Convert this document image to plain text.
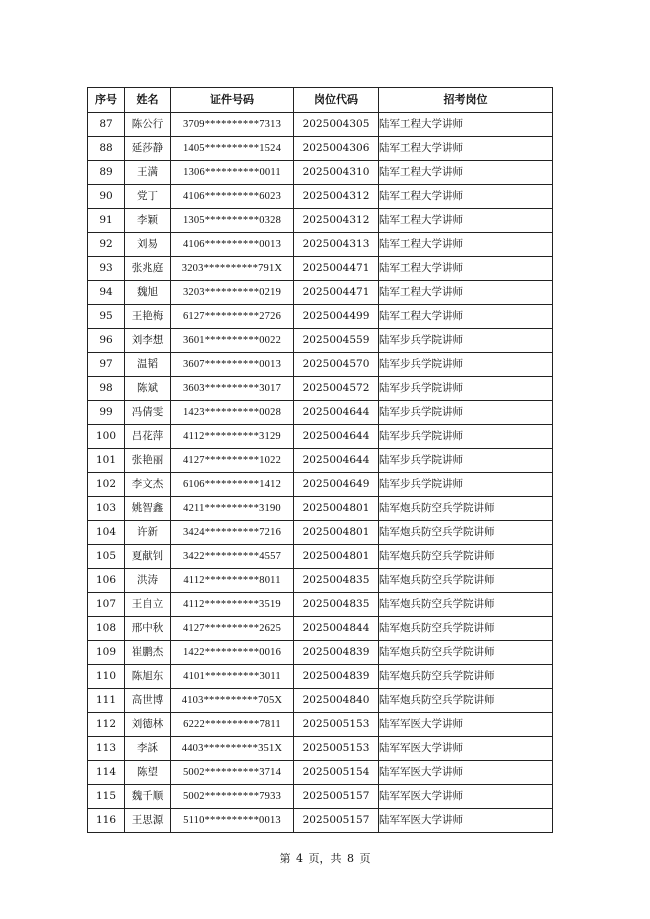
序号	姓名	证件号码	岗位代码	招考岗位
87	陈公行	3709**********7313	2025004305	陆军工程大学讲师
88	延莎静	1405**********1524	2025004306	陆军工程大学讲师
89	王满	1306**********0011	2025004310	陆军工程大学讲师
90	党丁	4106**********6023	2025004312	陆军工程大学讲师
91	李颖	1305**********0328	2025004312	陆军工程大学讲师
92	刘易	4106**********0013	2025004313	陆军工程大学讲师
93	张兆庭	3203**********791X	2025004471	陆军工程大学讲师
94	魏旭	3203**********0219	2025004471	陆军工程大学讲师
95	王艳梅	6127**********2726	2025004499	陆军工程大学讲师
96	刘李想	3601**********0022	2025004559	陆军步兵学院讲师
97	温韬	3607**********0013	2025004570	陆军步兵学院讲师
98	陈斌	3603**********3017	2025004572	陆军步兵学院讲师
99	冯倩雯	1423**********0028	2025004644	陆军步兵学院讲师
100	吕花萍	4112**********3129	2025004644	陆军步兵学院讲师
101	张艳丽	4127**********1022	2025004644	陆军步兵学院讲师
102	李文杰	6106**********1412	2025004649	陆军步兵学院讲师
103	姚智鑫	4211**********3190	2025004801	陆军炮兵防空兵学院讲师
104	许新	3424**********7216	2025004801	陆军炮兵防空兵学院讲师
105	夏献钊	3422**********4557	2025004801	陆军炮兵防空兵学院讲师
106	洪涛	4112**********8011	2025004835	陆军炮兵防空兵学院讲师
107	王自立	4112**********3519	2025004835	陆军炮兵防空兵学院讲师
108	邢中秋	4127**********2625	2025004844	陆军炮兵防空兵学院讲师
109	崔鹏杰	1422**********0016	2025004839	陆军炮兵防空兵学院讲师
110	陈旭东	4101**********3011	2025004839	陆军炮兵防空兵学院讲师
111	高世博	4103**********705X	2025004840	陆军炮兵防空兵学院讲师
112	刘德林	6222**********7811	2025005153	陆军军医大学讲师
113	李訸	4403**********351X	2025005153	陆军军医大学讲师
114	陈望	5002**********3714	2025005154	陆军军医大学讲师
115	魏千顺	5002**********7933	2025005157	陆军军医大学讲师
116	王思源	5110**********0013	2025005157	陆军军医大学讲师
第 4 页，共 8 页
